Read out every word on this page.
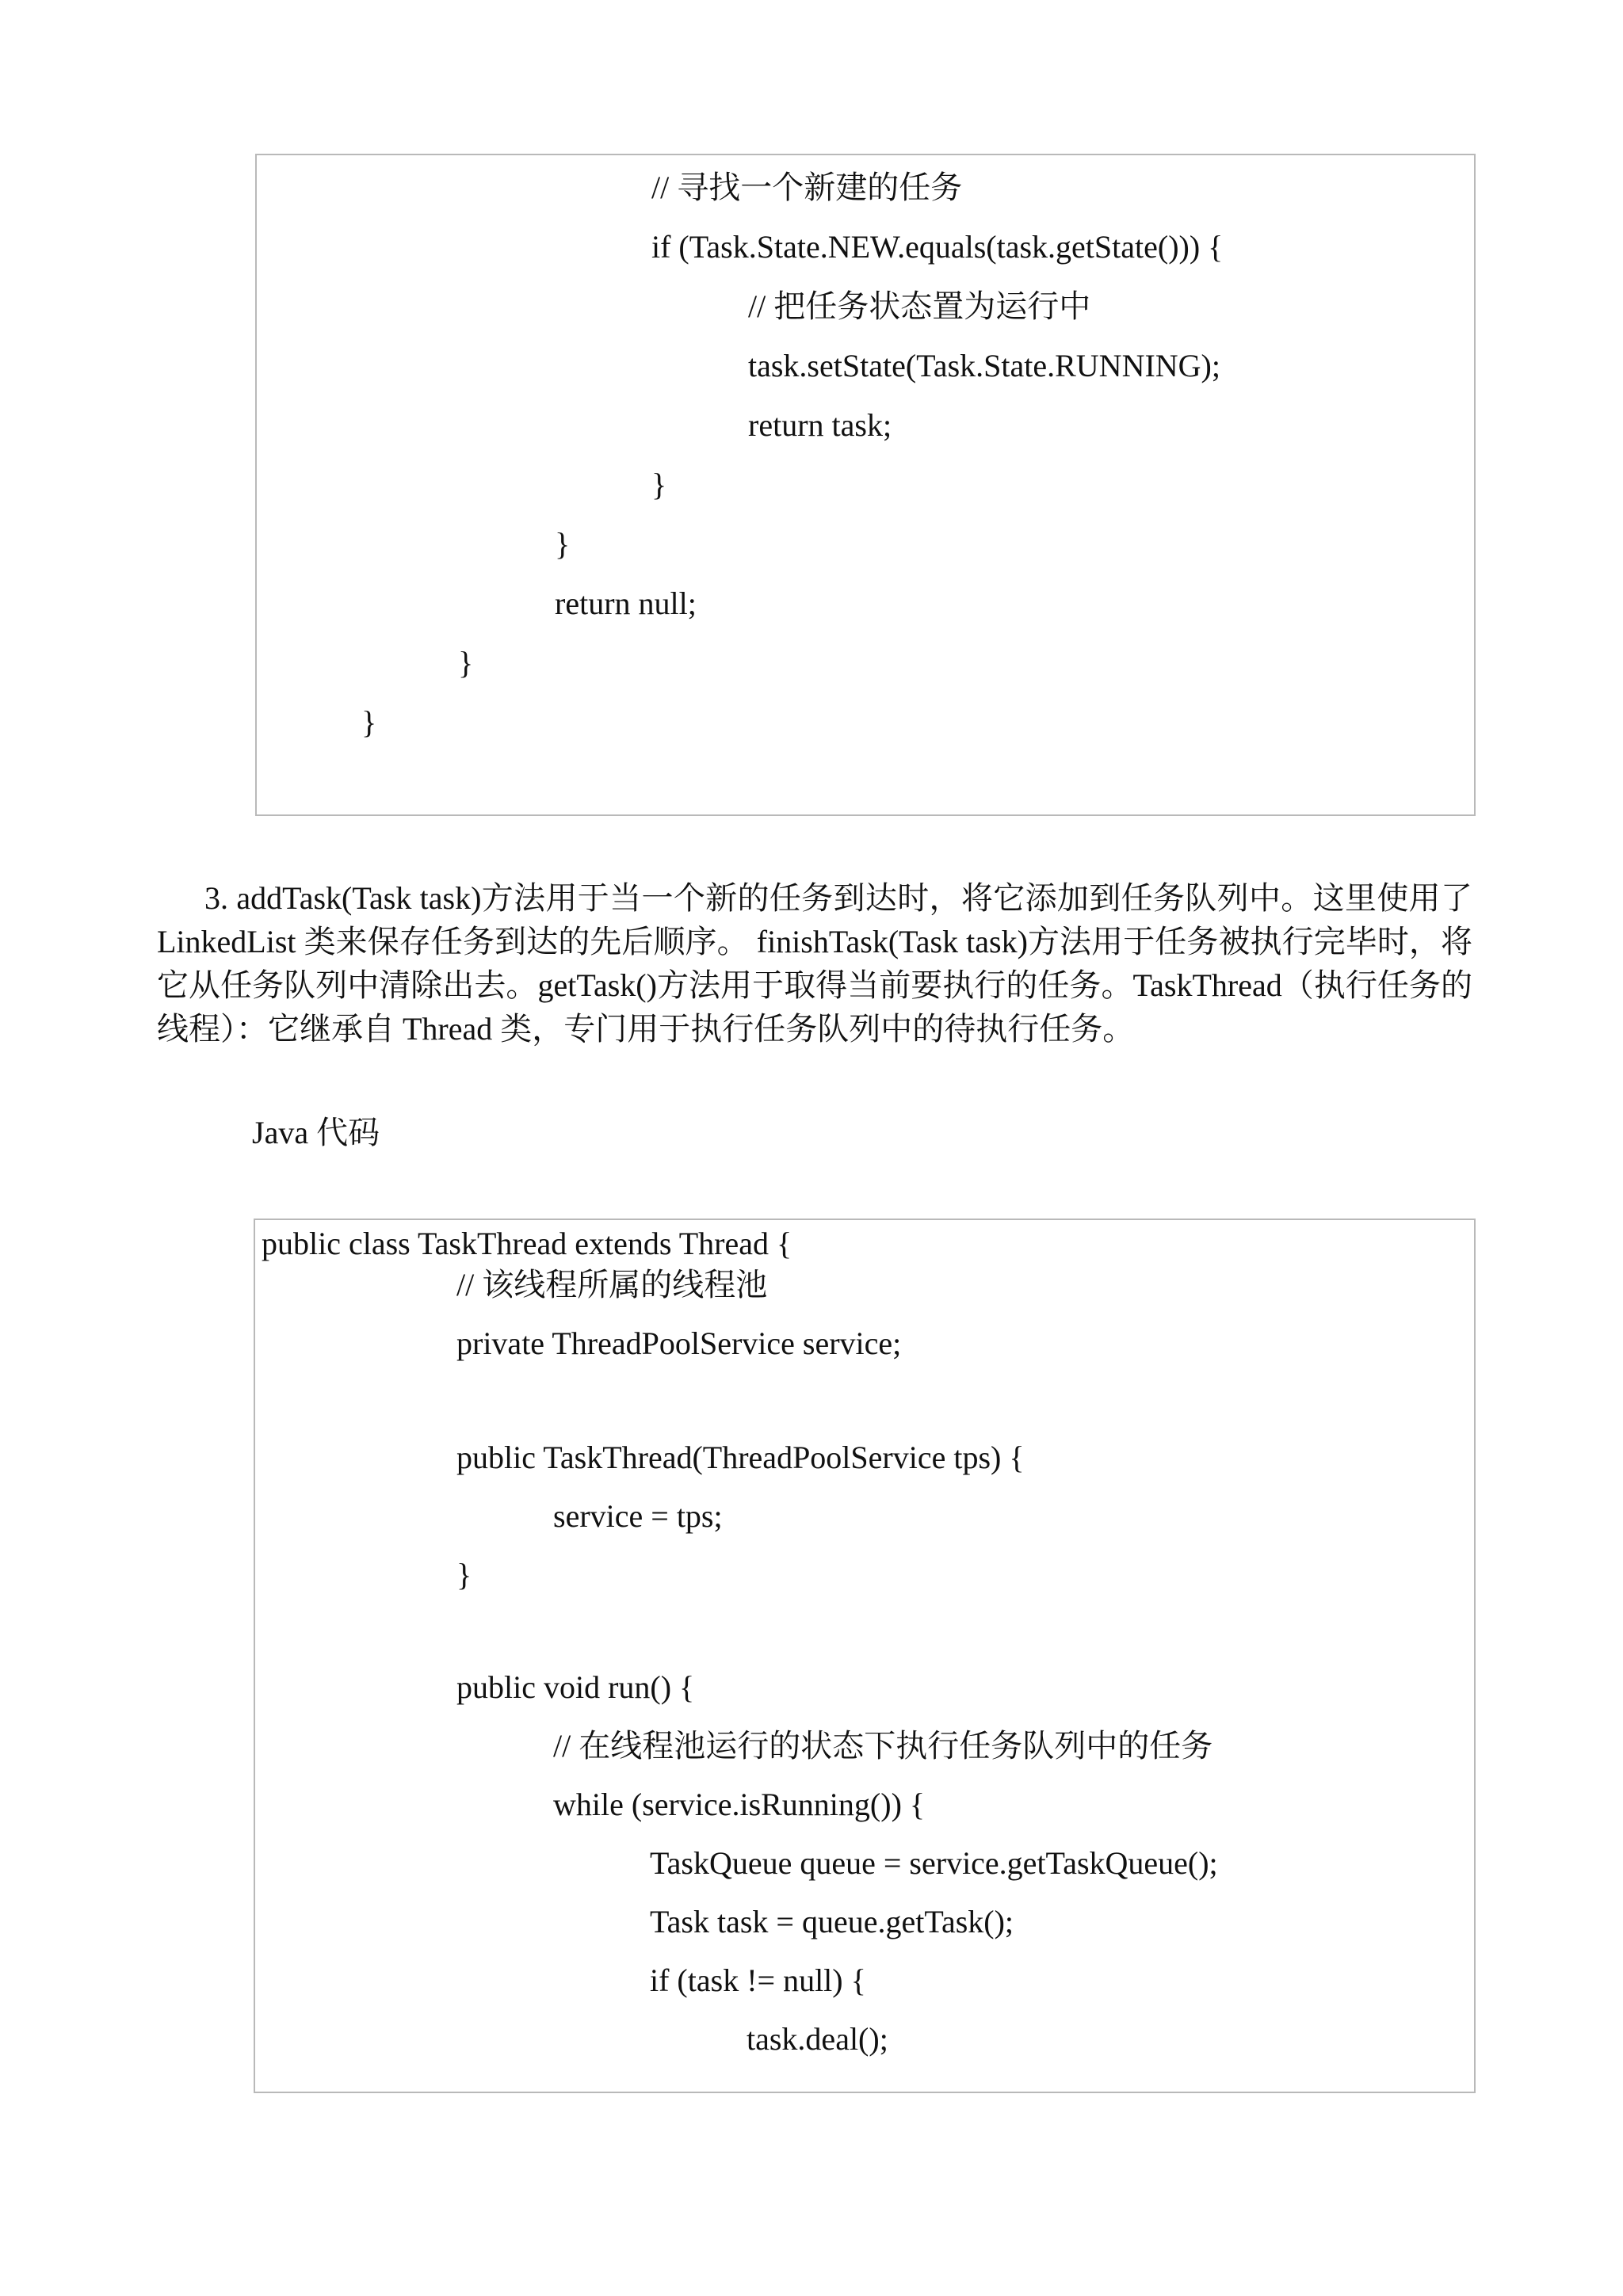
// 寻找一个新建的任务
if (Task.State.NEW.equals(task.getState())) {
// 把任务状态置为运行中
task.setState(Task.State.RUNNING);
return task;
}
}
return null;
}
}
3. addTask(Task task)方法用于当一个新的任务到达时，将它添加到任务队列中。这里使用了 LinkedList 类来保存任务到达的先后顺序。 finishTask(Task task)方法用于任务被执行完毕时，将它从任务队列中清除出去。getTask()方法用于取得当前要执行的任务。TaskThread（执行任务的线程）：它继承自 Thread 类，专门用于执行任务队列中的待执行任务。
Java 代码
public class TaskThread extends Thread {
// 该线程所属的线程池
private ThreadPoolService service;
public TaskThread(ThreadPoolService tps) {
service = tps;
}
public void run() {
// 在线程池运行的状态下执行任务队列中的任务
while (service.isRunning()) {
TaskQueue queue = service.getTaskQueue();
Task task = queue.getTask();
if (task != null) {
task.deal();
